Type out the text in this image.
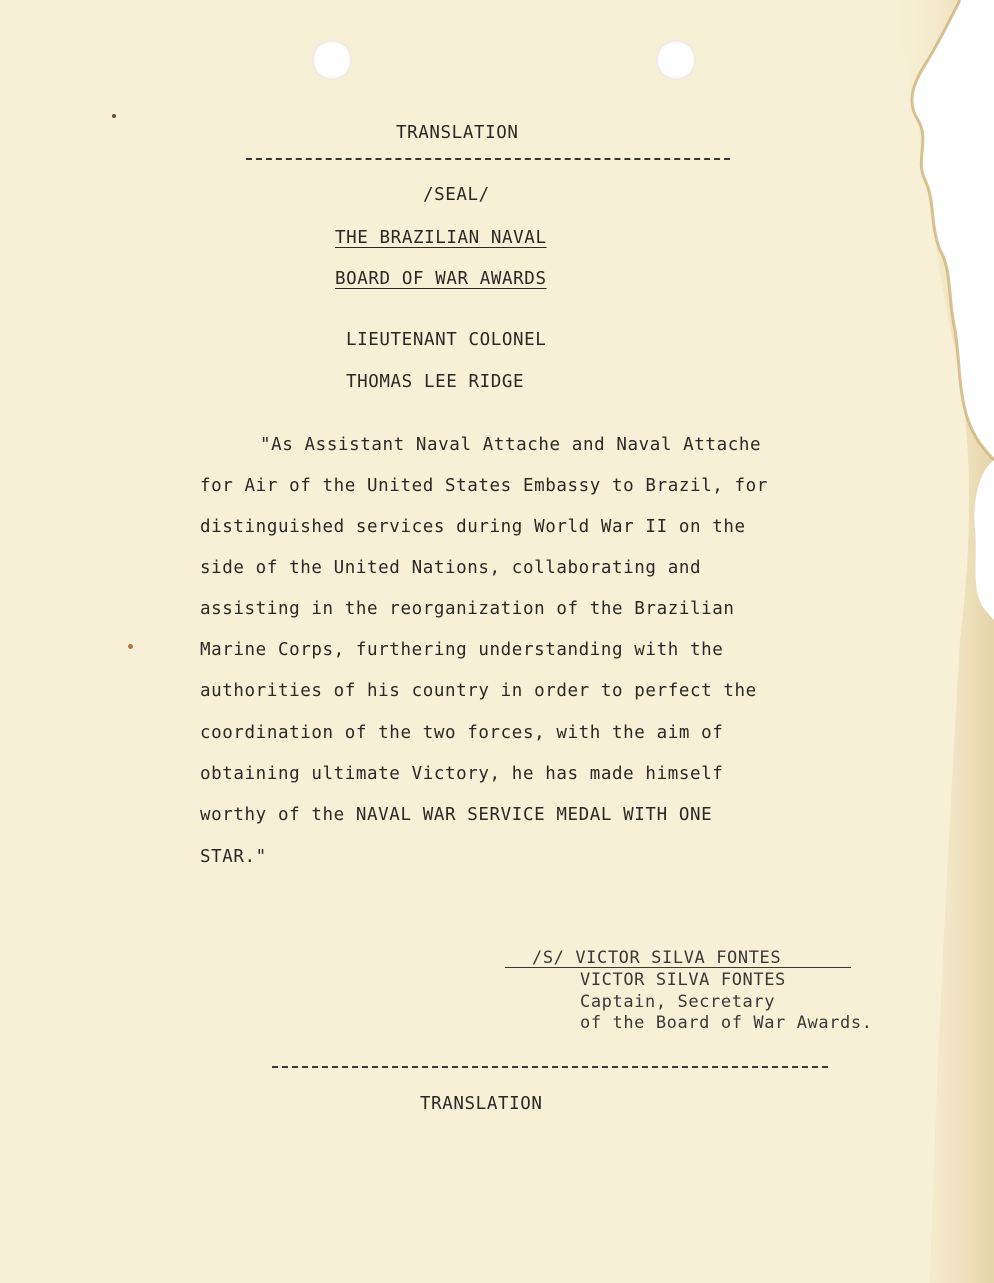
TRANSLATION
/SEAL/
THE BRAZILIAN NAVAL
BOARD OF WAR AWARDS
LIEUTENANT COLONEL
THOMAS LEE RIDGE
"As Assistant Naval Attache and Naval Attache
for Air of the United States Embassy to Brazil, for
distinguished services during World War II on the
side of the United Nations, collaborating and
assisting in the reorganization of the Brazilian
Marine Corps, furthering understanding with the
authorities of his country in order to perfect the
coordination of the two forces, with the aim of
obtaining ultimate Victory, he has made himself
worthy of the NAVAL WAR SERVICE MEDAL WITH ONE
STAR."
/S/ VICTOR SILVA FONTES
VICTOR SILVA FONTES
Captain, Secretary
of the Board of War Awards.
TRANSLATION
